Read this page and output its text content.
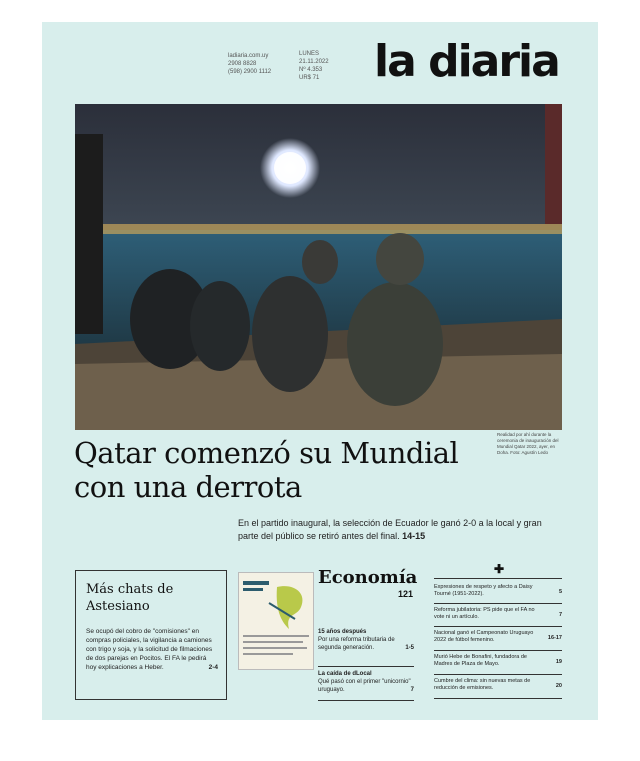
ladiaria.com.uy
2908 8828
(598) 2900 1112
LUNES
21.11.2022
Nº 4.353
UR$ 71 la diaria
Realidad por ahí durante la ceremonia de inauguración del Mundial Qatar 2022, ayer, en Doha. Foto: Agustín Ledo
Qatar comenzó su Mundial con una derrota
En el partido inaugural, la selección de Ecuador le ganó 2-0 a la local y gran parte del público se retiró antes del final. 14-15
Más chats de Astesiano
Se ocupó del cobro de "comisiones" en compras policiales, la vigilancia a camiones con trigo y soja, y la solicitud de filmaciones de dos parejas en Pocitos. El FA le pedirá hoy explicaciones a Heber.	2-4
Economía
121
15 años después
Por una reforma tributaria de segunda generación.	1-5
La caída de dLocal
Qué pasó con el primer "unicornio" uruguayo.	7
✚
Expresiones de respeto y afecto a Daisy Tourné (1951-2022).	5
Reforma jubilatoria: PS pide que el FA no vote ni un artículo.	7
Nacional ganó el Campeonato Uruguayo 2022 de fútbol femenino.	16-17
Murió Hebe de Bonafini, fundadora de Madres de Plaza de Mayo.	19
Cumbre del clima: sin nuevas metas de reducción de emisiones.	20
